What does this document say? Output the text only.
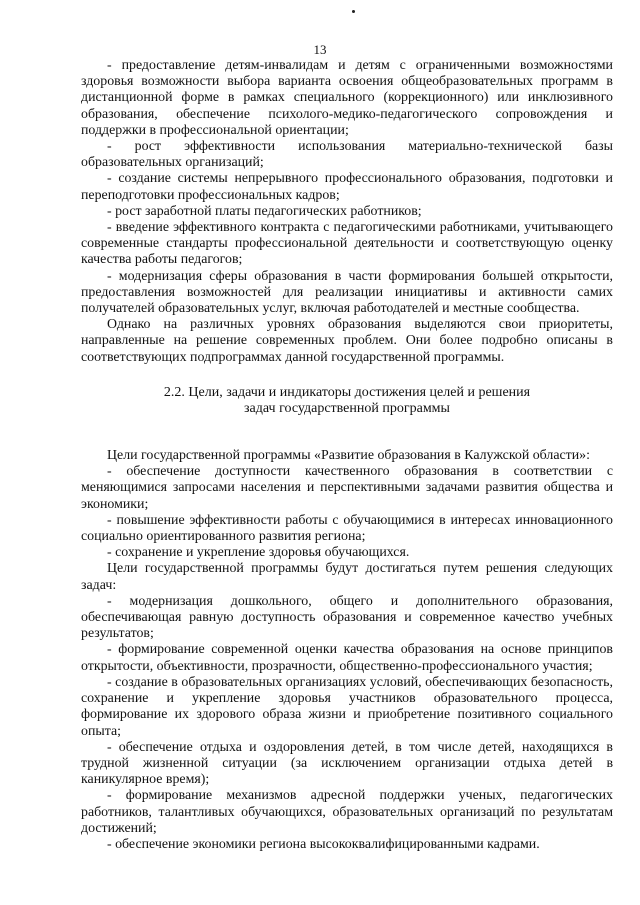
13

- предоставление детям-инвалидам и детям с ограниченными возможностями здоровья возможности выбора варианта освоения общеобразовательных программ в дистанционной форме в рамках специального (коррекционного) или инклюзивного образования, обеспечение психолого-медико-педагогического сопровождения и поддержки в профессиональной ориентации;

- рост эффективности использования материально-технической базы образовательных организаций;

- создание системы непрерывного профессионального образования, подготовки и переподготовки профессиональных кадров;

- рост заработной платы педагогических работников;

- введение эффективного контракта с педагогическими работниками, учитывающего современные стандарты профессиональной деятельности и соответствующую оценку качества работы педагогов;

- модернизация сферы образования в части формирования большей открытости, предоставления возможностей для реализации инициативы и активности самих получателей образовательных услуг, включая работодателей и местные сообщества.

Однако на различных уровнях образования выделяются свои приоритеты, направленные на решение современных проблем. Они более подробно описаны в соответствующих подпрограммах данной государственной программы.

2.2. Цели, задачи и индикаторы достижения целей и решения
задач государственной программы

Цели государственной программы «Развитие образования в Калужской области»:

- обеспечение доступности качественного образования в соответствии с меняющимися запросами населения и перспективными задачами развития общества и экономики;

- повышение эффективности работы с обучающимися в интересах инновационного социально ориентированного развития региона;

- сохранение и укрепление здоровья обучающихся.

Цели государственной программы будут достигаться путем решения следующих задач:

- модернизация дошкольного, общего и дополнительного образования, обеспечивающая равную доступность образования и современное качество учебных результатов;

- формирование современной оценки качества образования на основе принципов открытости, объективности, прозрачности, общественно-профессионального участия;

- создание в образовательных организациях условий, обеспечивающих безопасность, сохранение и укрепление здоровья участников образовательного процесса, формирование их здорового образа жизни и приобретение позитивного социального опыта;

- обеспечение отдыха и оздоровления детей, в том числе детей, находящихся в трудной жизненной ситуации (за исключением организации отдыха детей в каникулярное время);

- формирование механизмов адресной поддержки ученых, педагогических работников, талантливых обучающихся, образовательных организаций по результатам достижений;

- обеспечение экономики региона высококвалифицированными кадрами.
